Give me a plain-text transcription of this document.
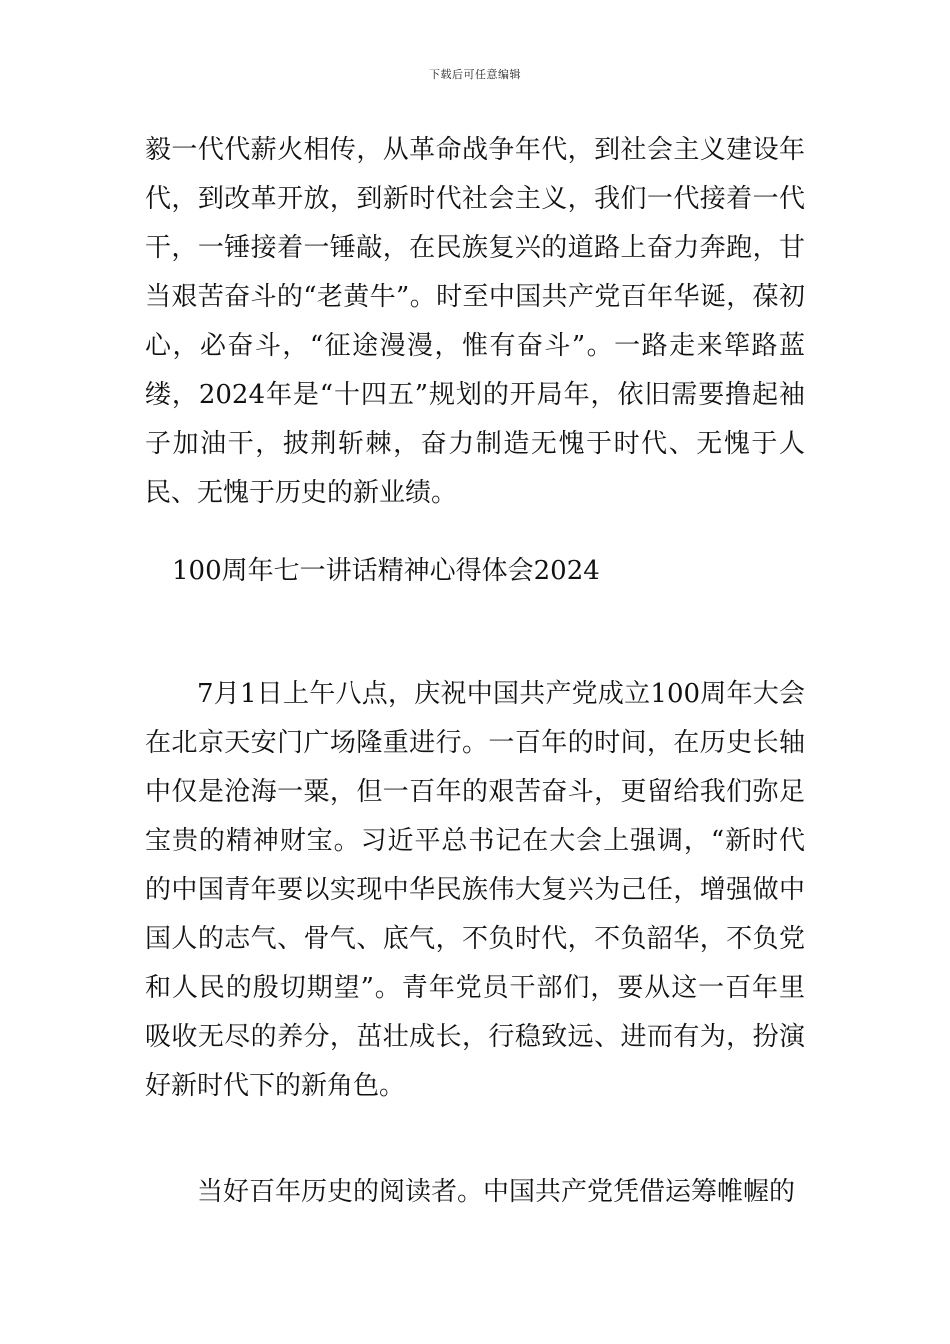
下载后可任意编辑

毅一代代薪火相传，从革命战争年代，到社会主义建设年代，到改革开放，到新时代社会主义，我们一代接着一代干，一锤接着一锤敲，在民族复兴的道路上奋力奔跑，甘当艰苦奋斗的“老黄牛”。时至中国共产党百年华诞，葆初心，必奋斗，“征途漫漫，惟有奋斗”。一路走来筚路蓝缕，2024年是“十四五”规划的开局年，依旧需要撸起袖子加油干，披荆斩棘，奋力制造无愧于时代、无愧于人民、无愧于历史的新业绩。

100周年七一讲话精神心得体会2024

7月1日上午八点，庆祝中国共产党成立100周年大会在北京天安门广场隆重进行。一百年的时间，在历史长轴中仅是沧海一粟，但一百年的艰苦奋斗，更留给我们弥足宝贵的精神财宝。习近平总书记在大会上强调，“新时代的中国青年要以实现中华民族伟大复兴为己任，增强做中国人的志气、骨气、底气，不负时代，不负韶华，不负党和人民的殷切期望”。青年党员干部们，要从这一百年里吸收无尽的养分，茁壮成长，行稳致远、进而有为，扮演好新时代下的新角色。

当好百年历史的阅读者。中国共产党凭借运筹帷幄的
